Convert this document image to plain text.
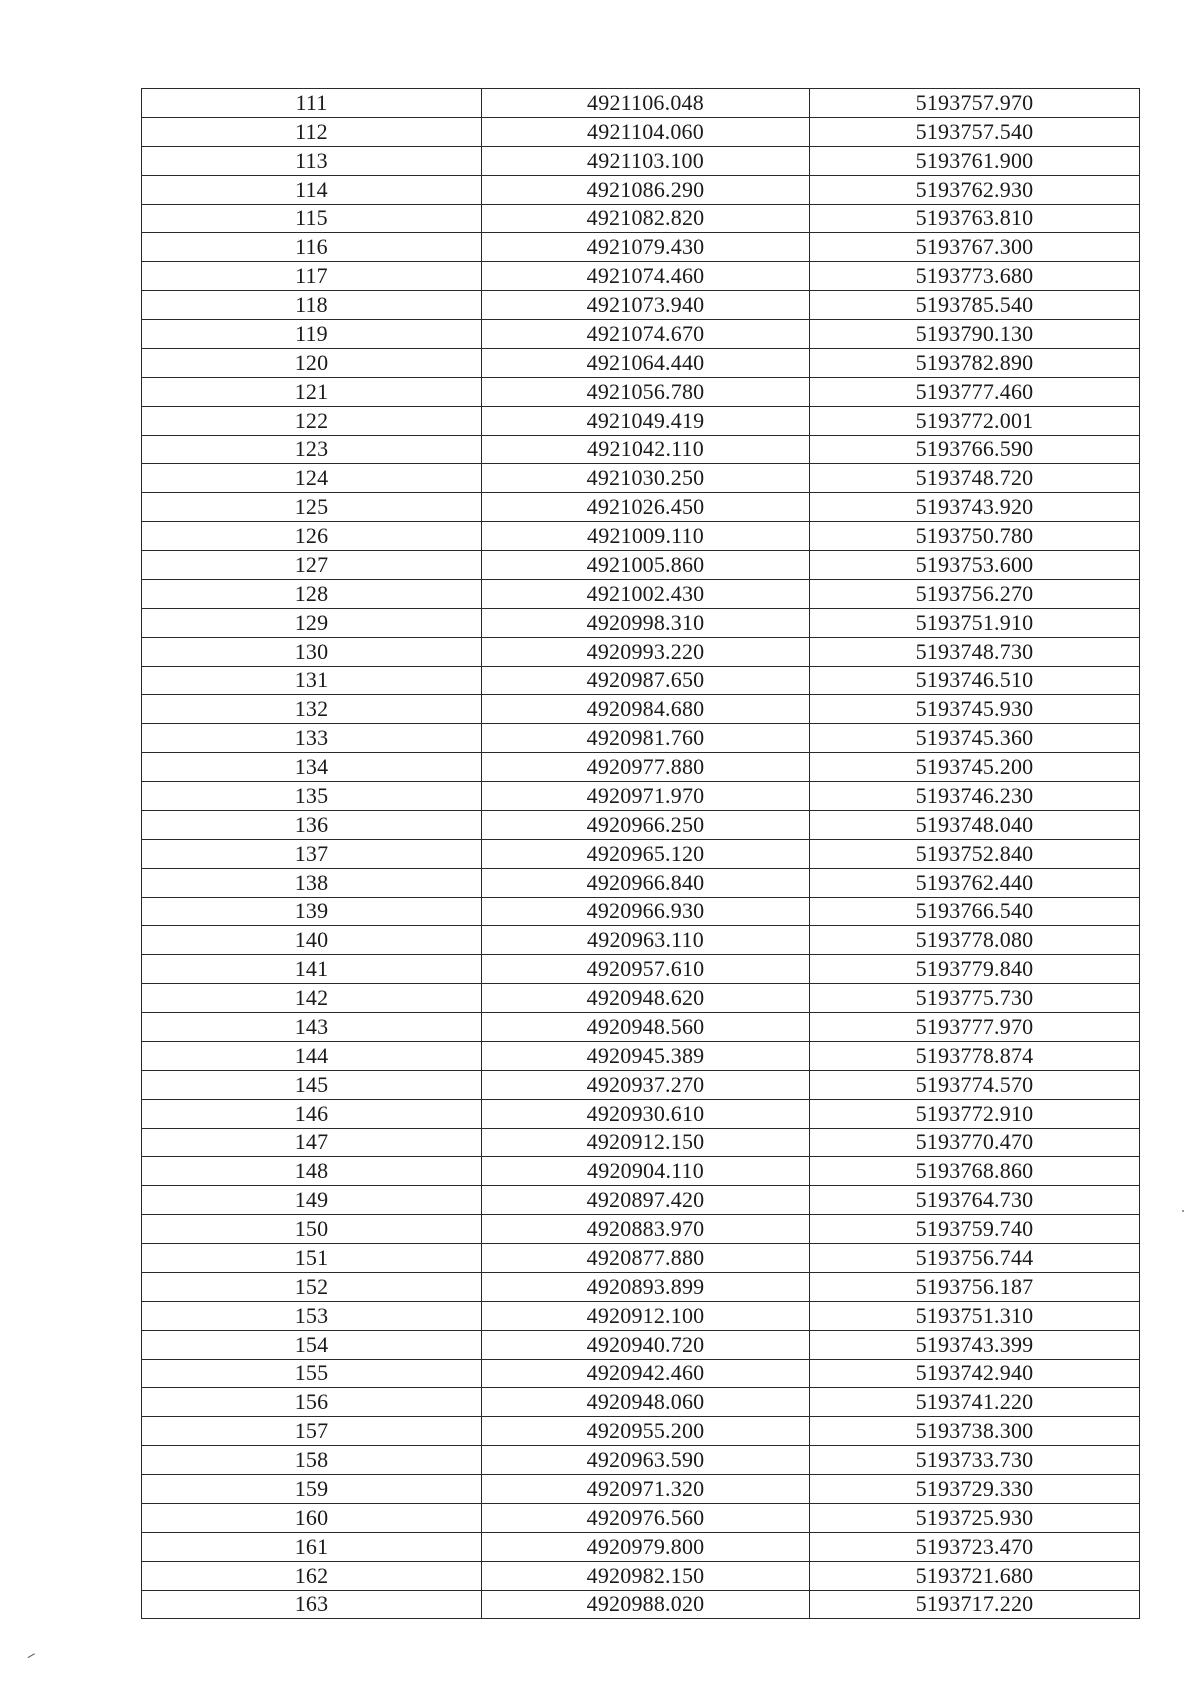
111	4921106.048	5193757.970
112	4921104.060	5193757.540
113	4921103.100	5193761.900
114	4921086.290	5193762.930
115	4921082.820	5193763.810
116	4921079.430	5193767.300
117	4921074.460	5193773.680
118	4921073.940	5193785.540
119	4921074.670	5193790.130
120	4921064.440	5193782.890
121	4921056.780	5193777.460
122	4921049.419	5193772.001
123	4921042.110	5193766.590
124	4921030.250	5193748.720
125	4921026.450	5193743.920
126	4921009.110	5193750.780
127	4921005.860	5193753.600
128	4921002.430	5193756.270
129	4920998.310	5193751.910
130	4920993.220	5193748.730
131	4920987.650	5193746.510
132	4920984.680	5193745.930
133	4920981.760	5193745.360
134	4920977.880	5193745.200
135	4920971.970	5193746.230
136	4920966.250	5193748.040
137	4920965.120	5193752.840
138	4920966.840	5193762.440
139	4920966.930	5193766.540
140	4920963.110	5193778.080
141	4920957.610	5193779.840
142	4920948.620	5193775.730
143	4920948.560	5193777.970
144	4920945.389	5193778.874
145	4920937.270	5193774.570
146	4920930.610	5193772.910
147	4920912.150	5193770.470
148	4920904.110	5193768.860
149	4920897.420	5193764.730
150	4920883.970	5193759.740
151	4920877.880	5193756.744
152	4920893.899	5193756.187
153	4920912.100	5193751.310
154	4920940.720	5193743.399
155	4920942.460	5193742.940
156	4920948.060	5193741.220
157	4920955.200	5193738.300
158	4920963.590	5193733.730
159	4920971.320	5193729.330
160	4920976.560	5193725.930
161	4920979.800	5193723.470
162	4920982.150	5193721.680
163	4920988.020	5193717.220
